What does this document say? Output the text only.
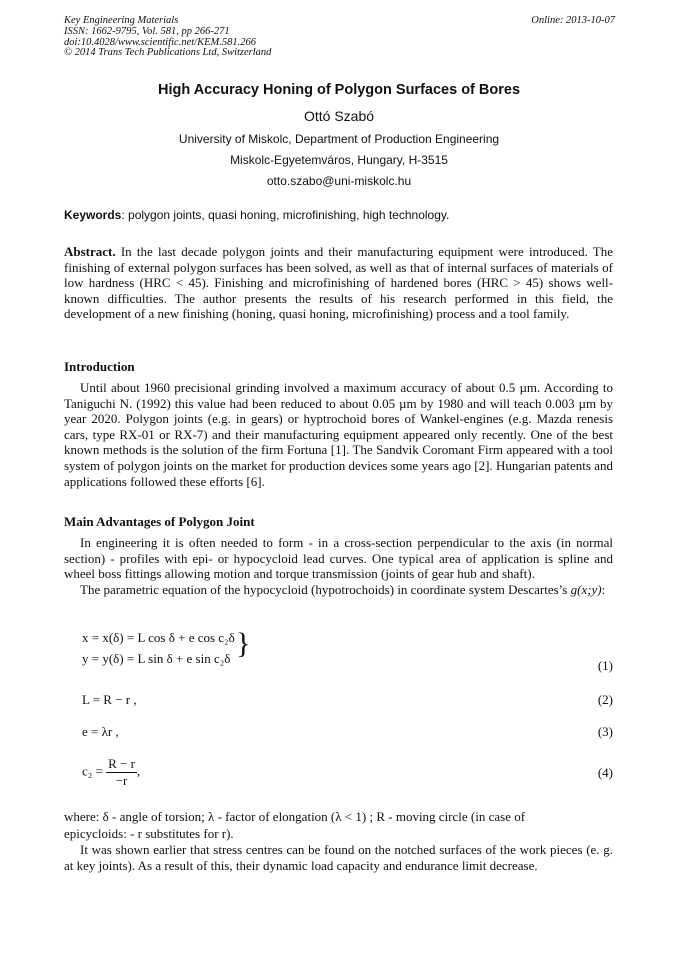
Key Engineering Materials
ISSN: 1662-9795, Vol. 581, pp 266-271
doi:10.4028/www.scientific.net/KEM.581.266
© 2014 Trans Tech Publications Ltd, Switzerland
Online: 2013-10-07
High Accuracy Honing of Polygon Surfaces of Bores
Ottó Szabó
University of Miskolc, Department of Production Engineering
Miskolc-Egyetemváros, Hungary, H-3515
otto.szabo@uni-miskolc.hu
Keywords: polygon joints, quasi honing, microfinishing, high technology.
Abstract. In the last decade polygon joints and their manufacturing equipment were introduced. The finishing of external polygon surfaces has been solved, as well as that of internal surfaces of materials of low hardness (HRC < 45). Finishing and microfinishing of hardened bores (HRC > 45) shows well-known difficulties. The author presents the results of his research performed in this field, the development of a new finishing (honing, quasi honing, microfinishing) process and a tool family.
Introduction
Until about 1960 precisional grinding involved a maximum accuracy of about 0.5 µm. According to Taniguchi N. (1992) this value had been reduced to about 0.05 µm by 1980 and will teach 0.003 µm by year 2020. Polygon joints (e.g. in gears) or hyptrochoid bores of Wankel-engines (e.g. Mazda renesis cars, type RX-01 or RX-7) and their manufacturing equipment appeared only recently. One of the best known methods is the solution of the firm Fortuna [1]. The Sandvik Coromant Firm appeared with a tool system of polygon joints on the market for production devices some years ago [2]. Hungarian patents and applications followed these efforts [6].
Main Advantages of Polygon Joint
In engineering it is often needed to form - in a cross-section perpendicular to the axis (in normal section) - profiles with epi- or hypocycloid lead curves. One typical area of application is spline and wheel boss fittings allowing motion and torque transmission (joints of gear hub and shaft).
The parametric equation of the hypocycloid (hypotrochoids) in coordinate system Descartes’s g(x;y):
x = x(δ) = L cos δ + e cos c₂δ
y = y(δ) = L sin δ + e sin c₂δ }
(1)
L = R − r ,	(2)
e = λr ,	(3)
$c_2 = \frac{R - r}{-r}$ ,	(4)
where: δ - angle of torsion; λ - factor of elongation (λ < 1) ; R - moving circle (in case of
epicycloids: - r substitutes for r).
It was shown earlier that stress centres can be found on the notched surfaces of the work pieces (e. g. at key joints). As a result of this, their dynamic load capacity and endurance limit decrease.
